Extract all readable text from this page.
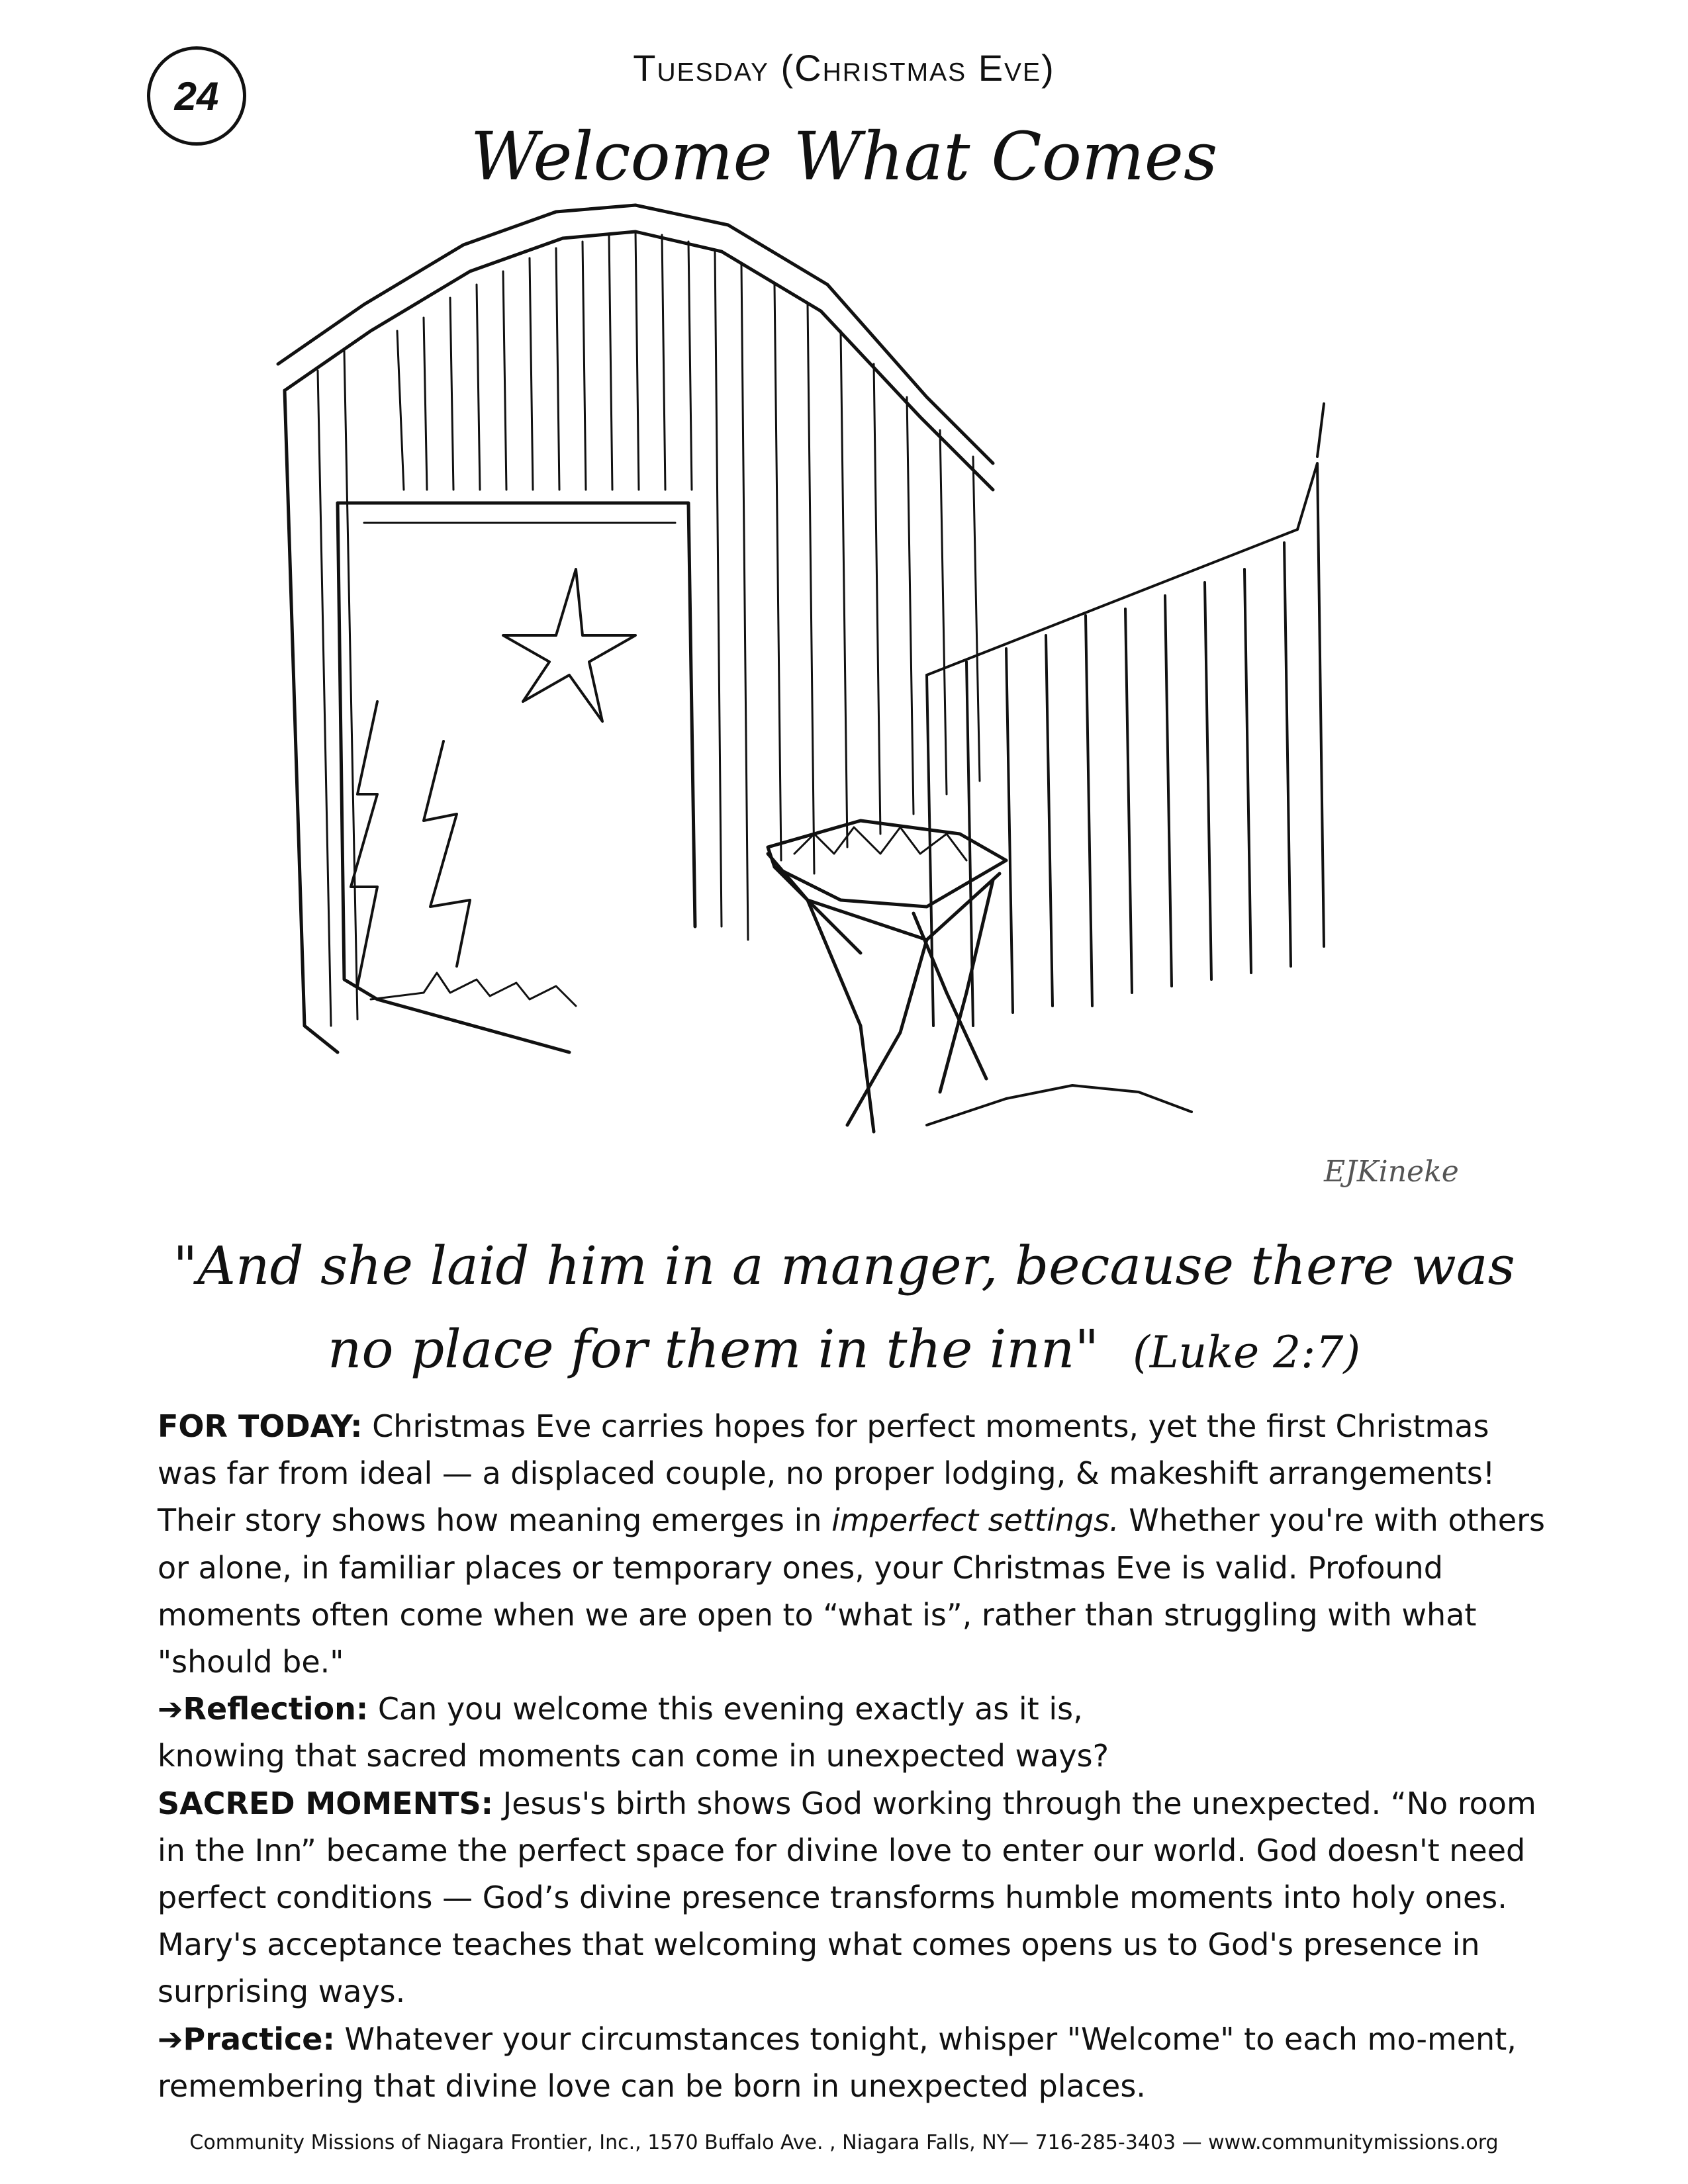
24
Tuesday (Christmas Eve)
Welcome What Comes
EJKineke
"And she laid him in a manger, because there was
no place for them in the inn" (Luke 2:7)

FOR TODAY: Christmas Eve carries hopes for perfect moments, yet the first Christmas was far from ideal — a displaced couple, no proper lodging, & makeshift arrangements! Their story shows how meaning emerges in imperfect settings. Whether you're with others or alone, in familiar places or temporary ones, your Christmas Eve is valid. Profound moments often come when we are open to “what is”, rather than struggling with what "should be."

➔Reflection: Can you welcome this evening exactly as it is,
knowing that sacred moments can come in unexpected ways?

SACRED MOMENTS: Jesus's birth shows God working through the unexpected. “No room in the Inn” became the perfect space for divine love to enter our world. God doesn't need perfect conditions — God’s divine presence transforms humble moments into holy ones. Mary's acceptance teaches that welcoming what comes opens us to God's presence in surprising ways.

➔Practice: Whatever your circumstances tonight, whisper "Welcome" to each mo-ment, remembering that divine love can be born in unexpected places.

Community Missions of Niagara Frontier, Inc., 1570 Buffalo Ave. , Niagara Falls, NY— 716-285-3403 — www.communitymissions.org
